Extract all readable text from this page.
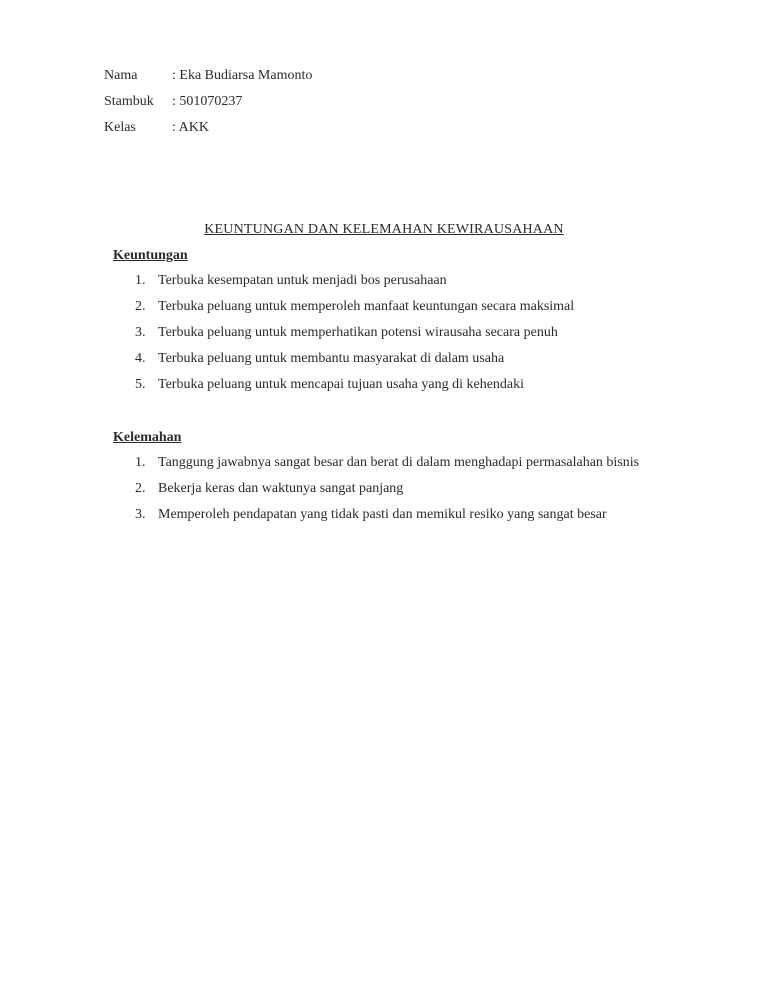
Nama	: Eka Budiarsa Mamonto
Stambuk	: 501070237
Kelas	: AKK
KEUNTUNGAN DAN KELEMAHAN KEWIRAUSAHAAN
Keuntungan
1. Terbuka kesempatan untuk menjadi bos perusahaan
2. Terbuka peluang untuk memperoleh manfaat keuntungan secara maksimal
3. Terbuka peluang untuk memperhatikan potensi wirausaha secara penuh
4. Terbuka peluang untuk membantu masyarakat di dalam usaha
5. Terbuka peluang untuk mencapai tujuan usaha yang di kehendaki
Kelemahan
1. Tanggung jawabnya sangat besar dan berat di dalam menghadapi permasalahan bisnis
2. Bekerja keras dan waktunya sangat panjang
3. Memperoleh pendapatan yang tidak pasti dan memikul resiko yang sangat besar
